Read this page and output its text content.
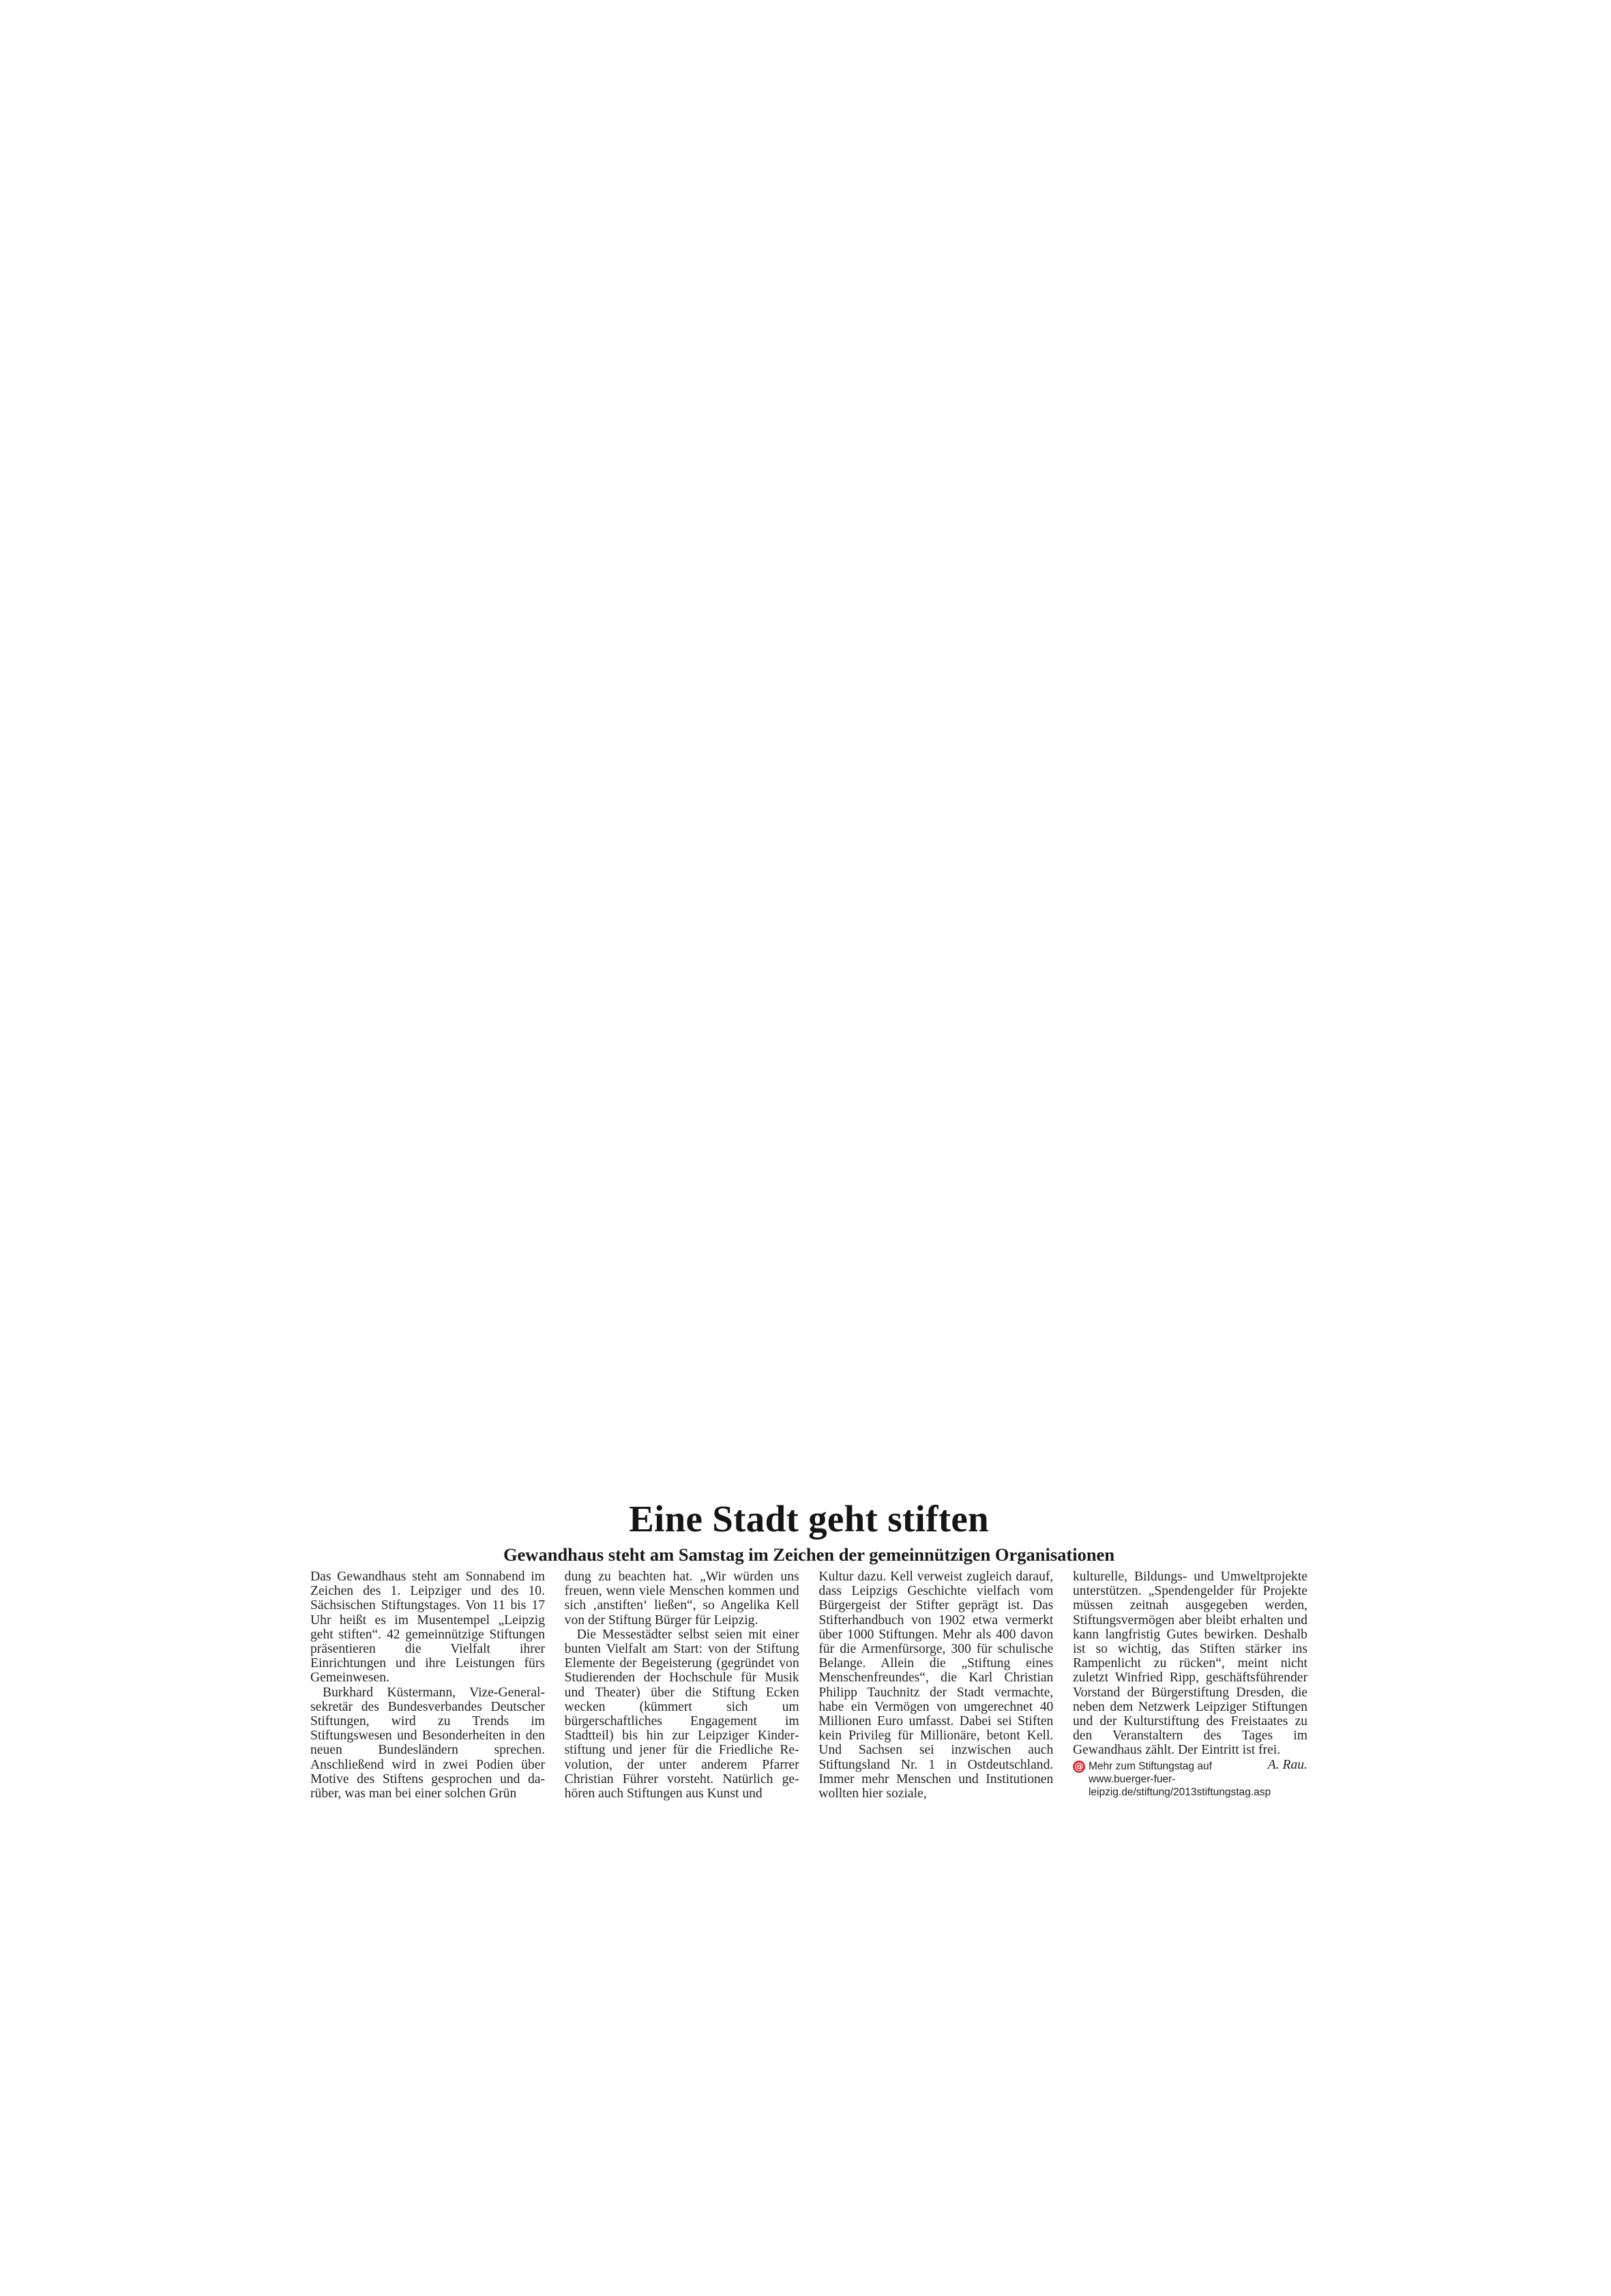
Eine Stadt geht stiften
Gewandhaus steht am Samstag im Zeichen der gemeinnützigen Organisationen

Das Gewandhaus steht am Sonnabend im Zeichen des 1. Leipziger und des 10. Sächsischen Stiftungstages. Von 11 bis 17 Uhr heißt es im Musentempel „Leipzig geht stiften“. 42 gemeinnützige Stiftungen präsentieren die Vielfalt ihrer Einrichtungen und ihre Leistungen fürs Gemeinwesen.

Burkhard Küstermann, Vize-Generalsekretär des Bundesverbandes Deutscher Stiftungen, wird zu Trends im Stiftungswesen und Besonderheiten in den neuen Bundesländern sprechen. Anschließend wird in zwei Podien über Motive des Stiftens gesprochen und darüber, was man bei einer solchen Grün

dung zu beachten hat. „Wir würden uns freuen, wenn viele Menschen kommen und sich ‚anstiften‘ ließen“, so Angelika Kell von der Stiftung Bürger für Leipzig.

Die Messestädter selbst seien mit einer bunten Vielfalt am Start: von der Stiftung Elemente der Begeisterung (gegründet von Studierenden der Hochschule für Musik und Theater) über die Stiftung Ecken wecken (kümmert sich um bürgerschaftliches Engagement im Stadtteil) bis hin zur Leipziger Kinderstiftung und jener für die Friedliche Revolution, der unter anderem Pfarrer Christian Führer vorsteht. Natürlich gehören auch Stiftungen aus Kunst und

Kultur dazu. Kell verweist zugleich darauf, dass Leipzigs Geschichte vielfach vom Bürgergeist der Stifter geprägt ist. Das Stifterhandbuch von 1902 etwa vermerkt über 1000 Stiftungen. Mehr als 400 davon für die Armenfürsorge, 300 für schulische Belange. Allein die „Stiftung eines Menschenfreundes“, die Karl Christian Philipp Tauchnitz der Stadt vermachte, habe ein Vermögen von umgerechnet 40 Millionen Euro umfasst. Dabei sei Stiften kein Privileg für Millionäre, betont Kell. Und Sachsen sei inzwischen auch Stiftungsland Nr. 1 in Ostdeutschland. Immer mehr Menschen und Institutionen wollten hier soziale,

kulturelle, Bildungs- und Umweltprojekte unterstützen. „Spendengelder für Projekte müssen zeitnah ausgegeben werden, Stiftungsvermögen aber bleibt erhalten und kann langfristig Gutes bewirken. Deshalb ist so wichtig, das Stiften stärker ins Rampenlicht zu rücken“, meint nicht zuletzt Winfried Ripp, geschäftsführender Vorstand der Bürgerstiftung Dresden, die neben dem Netzwerk Leipziger Stiftungen und der Kulturstiftung des Freistaates zu den Veranstaltern des Tages im Gewandhaus zählt. Der Eintritt ist frei.
A. Rau.

@ Mehr zum Stiftungstag auf www.buerger-fuer-leipzig.de/stiftung/2013stiftungstag.asp
